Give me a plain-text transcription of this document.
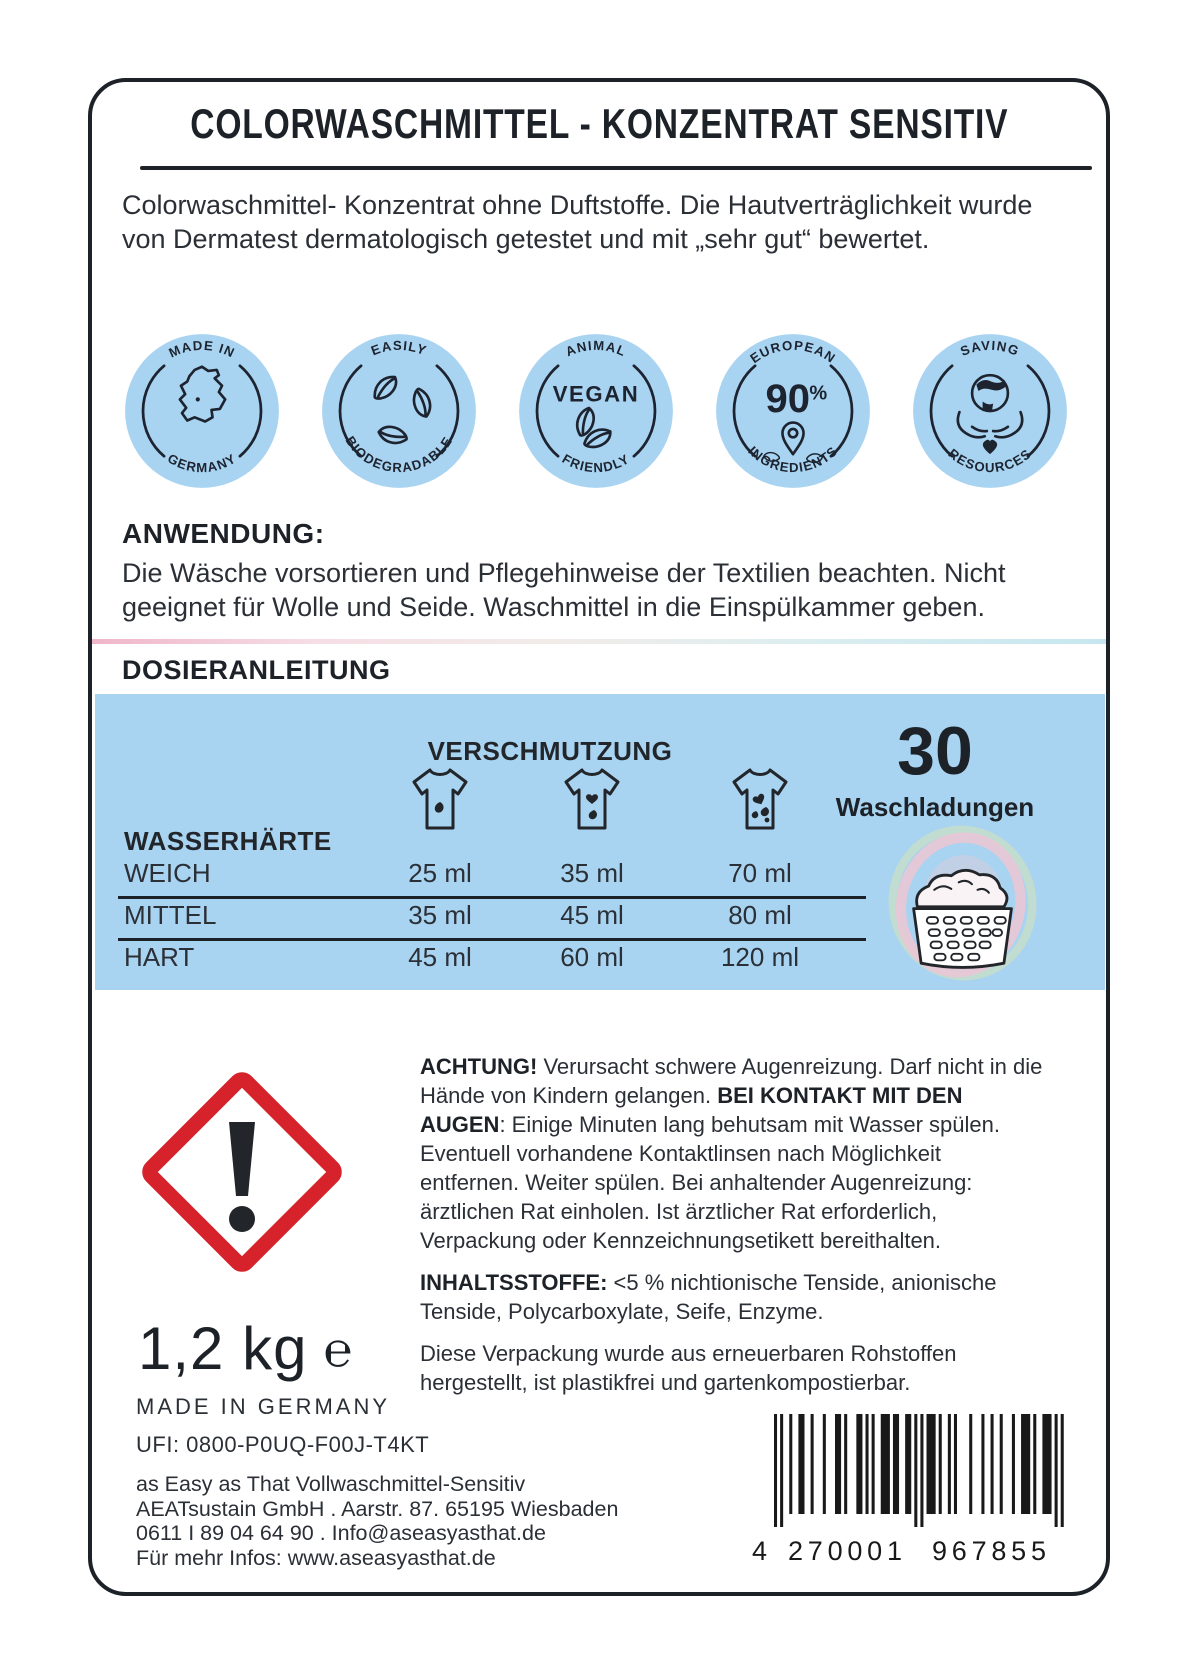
COLORWASCHMITTEL - KONZENTRAT SENSITIV

Colorwaschmittel- Konzentrat ohne Duftstoffe. Die Hautverträglichkeit wurde von Dermatest dermatologisch getestet und mit „sehr gut“ bewertet.

MADE IN
GERMANY
EASILY
BIODEGRADABLE
ANIMAL
FRIENDLY
VEGAN
EUROPEAN
INGREDIENTS
90 %
SAVING
RESOURCES
ANWENDUNG:

Die Wäsche vorsortieren und Pflegehinweise der Textilien beachten. Nicht geeignet für Wolle und Seide. Waschmittel in die Einspülkammer geben.

DOSIERANLEITUNG
VERSCHMUTZUNG	30
Waschladungen
WASSERHÄRTE
WEICH	25 ml	35 ml	70 ml
MITTEL	35 ml	45 ml	80 ml
HART	45 ml	60 ml	120 ml

ACHTUNG! Verursacht schwere Augenreizung. Darf nicht in die Hände von Kindern gelangen. BEI KONTAKT MIT DEN AUGEN: Einige Minuten lang behutsam mit Wasser spülen. Eventuell vorhandene Kontaktlinsen nach Möglichkeit entfernen. Weiter spülen. Bei anhaltender Augenreizung: ärztlichen Rat einholen. Ist ärztlicher Rat erforderlich, Verpackung oder Kennzeichnungsetikett bereithalten.

INHALTSSTOFFE: <5 % nichtionische Tenside, anionische Tenside, Polycarboxylate, Seife, Enzyme.

Diese Verpackung wurde aus erneuerbaren Rohstoffen hergestellt, ist plastikfrei und gartenkompostierbar.

1,2 kg ℮
MADE IN GERMANY
UFI: 0800-P0UQ-F00J-T4KT
as Easy as That Vollwaschmittel-Sensitiv
AEATsustain GmbH . Aarstr. 87. 65195 Wiesbaden
0611 I 89 04 64 90 . Info@aseasyasthat.de
Für mehr Infos: www.aseasyasthat.de	4 270001 967855
